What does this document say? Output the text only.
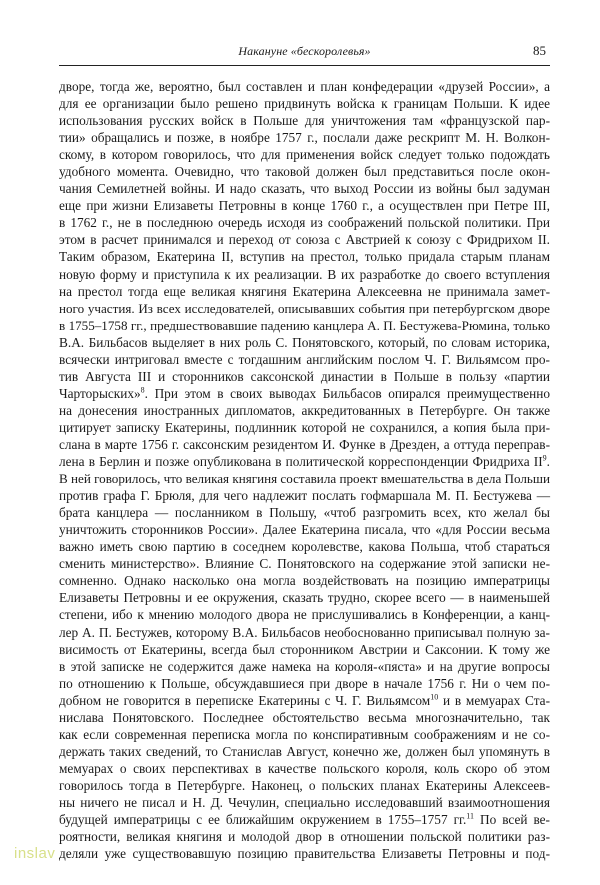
Накануне «бескоролевья»	85
дворе, тогда же, вероятно, был составлен и план конфедерации «друзей России», а
для ее организации было решено придвинуть войска к границам Польши. К идее
использования русских войск в Польше для уничтожения там «французской пар-
тии» обращались и позже, в ноябре 1757 г., послали даже рескрипт М. Н. Волкон-
скому, в котором говорилось, что для применения войск следует только подождать
удобного момента. Очевидно, что таковой должен был представиться после окон-
чания Семилетней войны. И надо сказать, что выход России из войны был задуман
еще при жизни Елизаветы Петровны в конце 1760 г., а осуществлен при Петре III,
в 1762 г., не в последнюю очередь исходя из соображений польской политики. При
этом в расчет принимался и переход от союза с Австрией к союзу с Фридрихом II.
Таким образом, Екатерина II, вступив на престол, только придала старым планам
новую форму и приступила к их реализации. В их разработке до своего вступления
на престол тогда еще великая княгиня Екатерина Алексеевна не принимала замет-
ного участия. Из всех исследователей, описывавших события при петербургском дворе
в 1755–1758 гг., предшествовавшие падению канцлера А. П. Бестужева-Рюмина, только
В.А. Бильбасов выделяет в них роль С. Понятовского, который, по словам историка,
всячески интриговал вместе с тогдашним английским послом Ч. Г. Вильямсом про-
тив Августа III и сторонников саксонской династии в Польше в пользу «партии
Чарторыских»$^8$. При этом в своих выводах Бильбасов опирался преимущественно
на донесения иностранных дипломатов, аккредитованных в Петербурге. Он также
цитирует записку Екатерины, подлинник которой не сохранился, а копия была при-
слана в марте 1756 г. саксонским резидентом И. Функе в Дрезден, а оттуда переправ-
лена в Берлин и позже опубликована в политической корреспонденции Фридриха $II^9$.
В ней говорилось, что великая княгиня составила проект вмешательства в дела Польши
против графа Г. Брюля, для чего надлежит послать гофмаршала М. П. Бестужева —
брата канцлера — посланником в Польшу, «чтоб разгромить всех, кто желал бы
уничтожить сторонников России». Далее Екатерина писала, что «для России весьма
важно иметь свою партию в соседнем королевстве, какова Польша, чтоб стараться
сменить министерство». Влияние С. Понятовского на содержание этой записки не-
сомненно. Однако насколько она могла воздействовать на позицию императрицы
Елизаветы Петровны и ее окружения, сказать трудно, скорее всего — в наименьшей
степени, ибо к мнению молодого двора не прислушивались в Конференции, а канц-
лер А. П. Бестужев, которому В.А. Бильбасов необоснованно приписывал полную за-
висимость от Екатерины, всегда был сторонником Австрии и Саксонии. К тому же
в этой записке не содержится даже намека на короля-«пяста» и на другие вопросы
по отношению к Польше, обсуждавшиеся при дворе в начале 1756 г. Ни о чем по-
добном не говорится в переписке Екатерины с Ч. Г. Вильямсом$^{10}$ и в мемуарах Ста-
нислава Понятовского. Последнее обстоятельство весьма многозначительно, так
как если современная переписка могла по конспиративным соображениям и не со-
держать таких сведений, то Станислав Август, конечно же, должен был упомянуть в
мемуарах о своих перспективах в качестве польского короля, коль скоро об этом
говорилось тогда в Петербурге. Наконец, о польских планах Екатерины Алексеев-
ны ничего не писал и Н. Д. Чечулин, специально исследовавший взаимоотношения
будущей императрицы с ее ближайшим окружением в 1755–1757 гг.$^{11}$ По всей ве-
роятности, великая княгиня и молодой двор в отношении польской политики раз-
деляли уже существовавшую позицию правительства Елизаветы Петровны и под-
inslav
